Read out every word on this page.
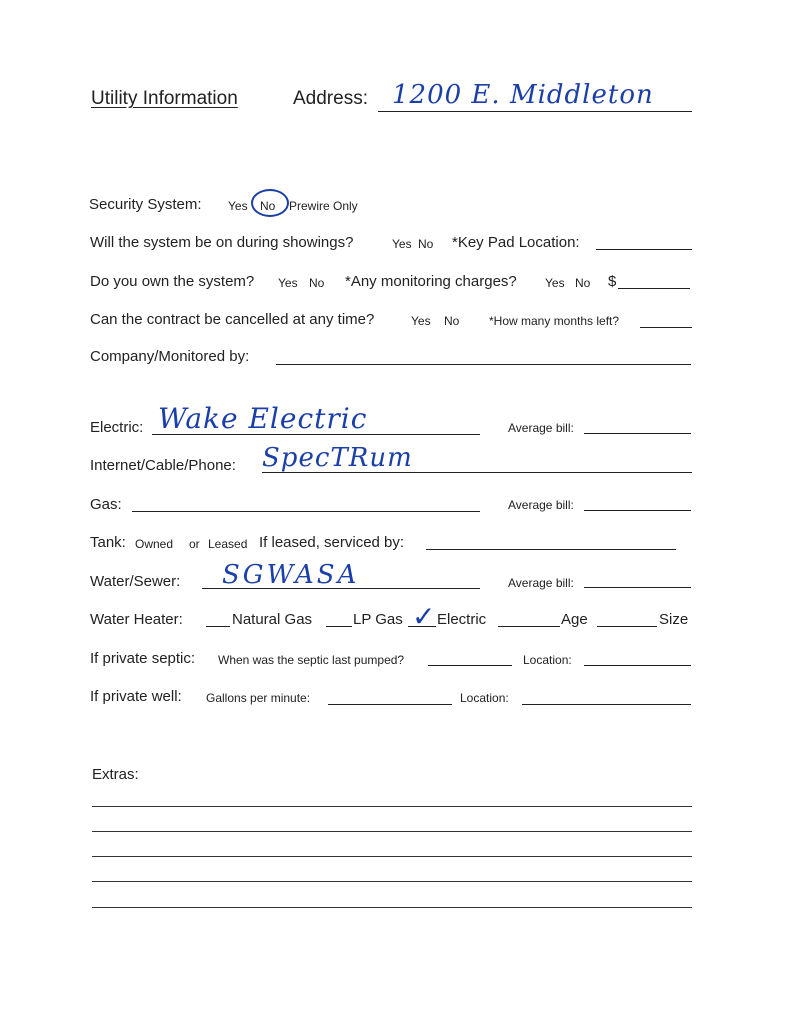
Utility Information	Address: 1200 E. Middleton
Security System: Yes No Prewire Only
Will the system be on during showings?	Yes No *Key Pad Location:
Do you own the system? Yes No *Any monitoring charges? Yes No $
Can the contract be cancelled at any time?	Yes No *How many months left?
Company/Monitored by:
Electric: Wake Electric	Average bill:
Internet/Cable/Phone: SpecTRum
Gas:	Average bill:
Tank: Owned or Leased If leased, serviced by:
Water/Sewer: SGWASA	Average bill:
Water Heater:	Natural Gas	LP Gas ✓ Electric	Age	Size
If private septic: When was the septic last pumped?	Location:
If private well: Gallons per minute:	Location:
Extras:
